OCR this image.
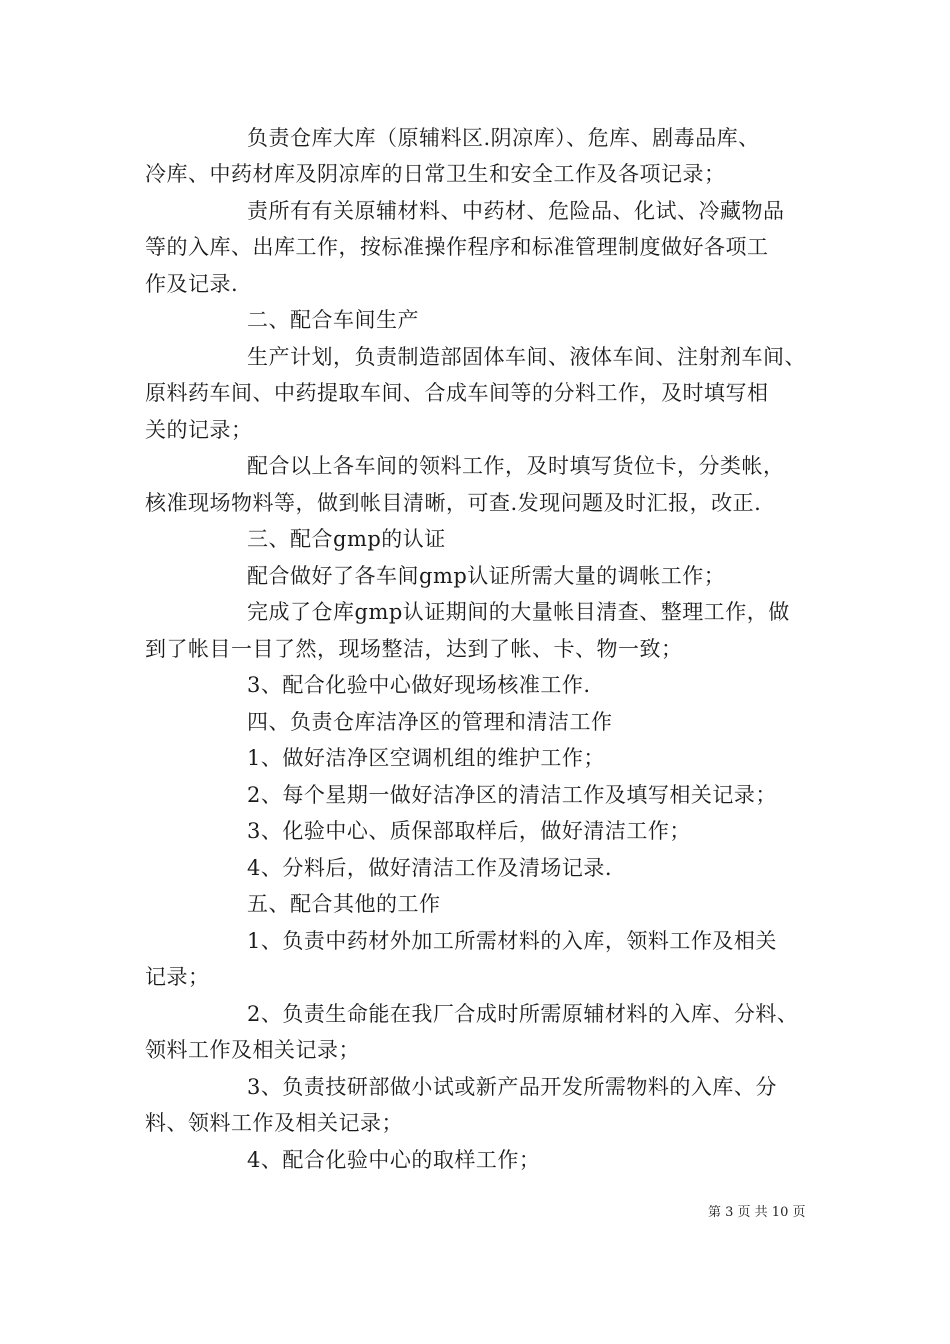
负责仓库大库（原辅料区.阴凉库）、危库、剧毒品库、
冷库、中药材库及阴凉库的日常卫生和安全工作及各项记录；
责所有有关原辅材料、中药材、危险品、化试、冷藏物品
等的入库、出库工作，按标准操作程序和标准管理制度做好各项工
作及记录.
二、配合车间生产
生产计划，负责制造部固体车间、液体车间、注射剂车间、
原料药车间、中药提取车间、合成车间等的分料工作，及时填写相
关的记录；
配合以上各车间的领料工作，及时填写货位卡，分类帐，
核准现场物料等，做到帐目清晰，可查.发现问题及时汇报，改正.
三、配合gmp的认证
配合做好了各车间gmp认证所需大量的调帐工作；
完成了仓库gmp认证期间的大量帐目清查、整理工作，做
到了帐目一目了然，现场整洁，达到了帐、卡、物一致；
3、配合化验中心做好现场核准工作.
四、负责仓库洁净区的管理和清洁工作
1、做好洁净区空调机组的维护工作；
2、每个星期一做好洁净区的清洁工作及填写相关记录；
3、化验中心、质保部取样后，做好清洁工作；
4、分料后，做好清洁工作及清场记录.
五、配合其他的工作
1、负责中药材外加工所需材料的入库，领料工作及相关
记录；
2、负责生命能在我厂合成时所需原辅材料的入库、分料、
领料工作及相关记录；
3、负责技研部做小试或新产品开发所需物料的入库、分
料、领料工作及相关记录；
4、配合化验中心的取样工作；
第 3 页 共 10 页
